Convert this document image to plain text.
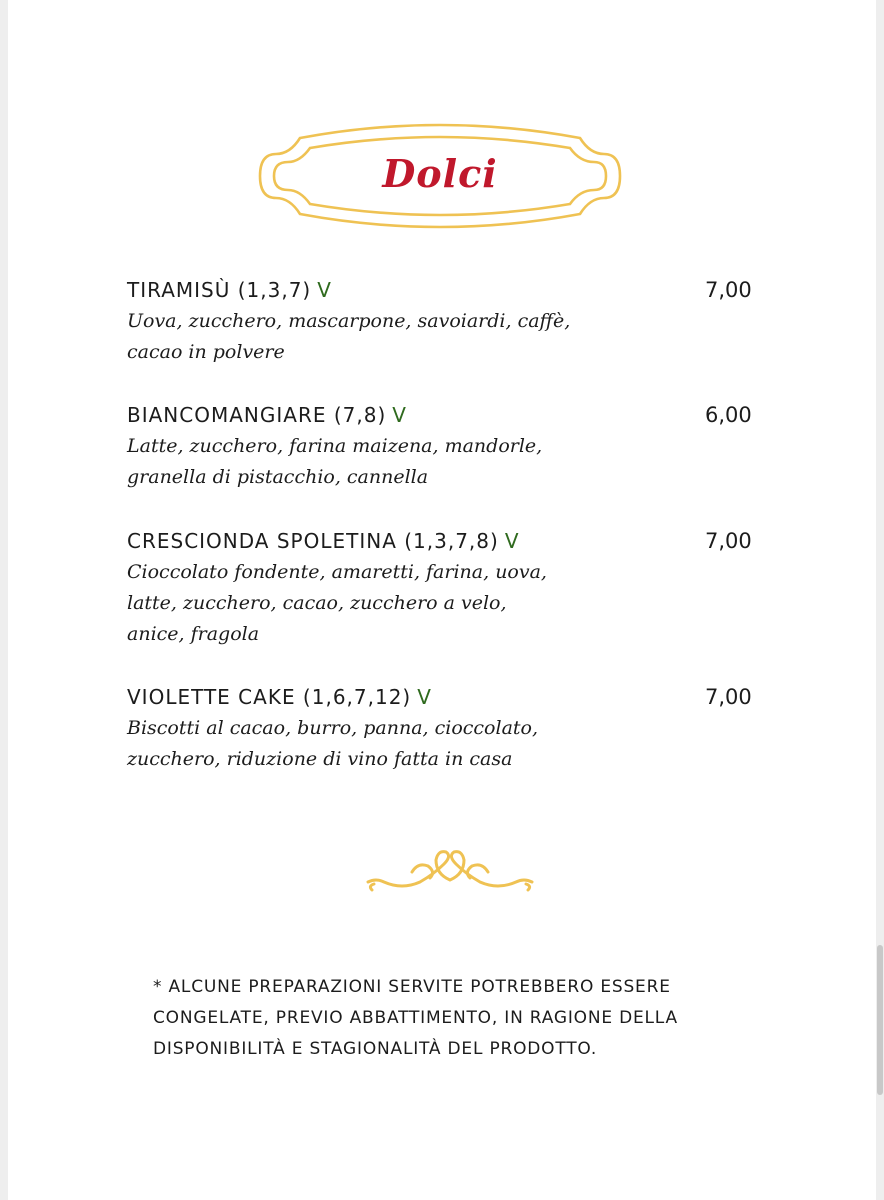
Dolci
TIRAMISÙ (1,3,7) V	7,00
Uova, zucchero, mascarpone, savoiardi, caffè,
cacao in polvere
BIANCOMANGIARE (7,8) V	6,00
Latte, zucchero, farina maizena, mandorle,
granella di pistacchio, cannella
CRESCIONDA SPOLETINA (1,3,7,8) V	7,00
Cioccolato fondente, amaretti, farina, uova,
latte, zucchero, cacao, zucchero a velo,
anice, fragola
VIOLETTE CAKE (1,6,7,12) V	7,00
Biscotti al cacao, burro, panna, cioccolato,
zucchero, riduzione di vino fatta in casa
* ALCUNE PREPARAZIONI SERVITE POTREBBERO ESSERE
CONGELATE, PREVIO ABBATTIMENTO, IN RAGIONE DELLA
DISPONIBILITÀ E STAGIONALITÀ DEL PRODOTTO.
